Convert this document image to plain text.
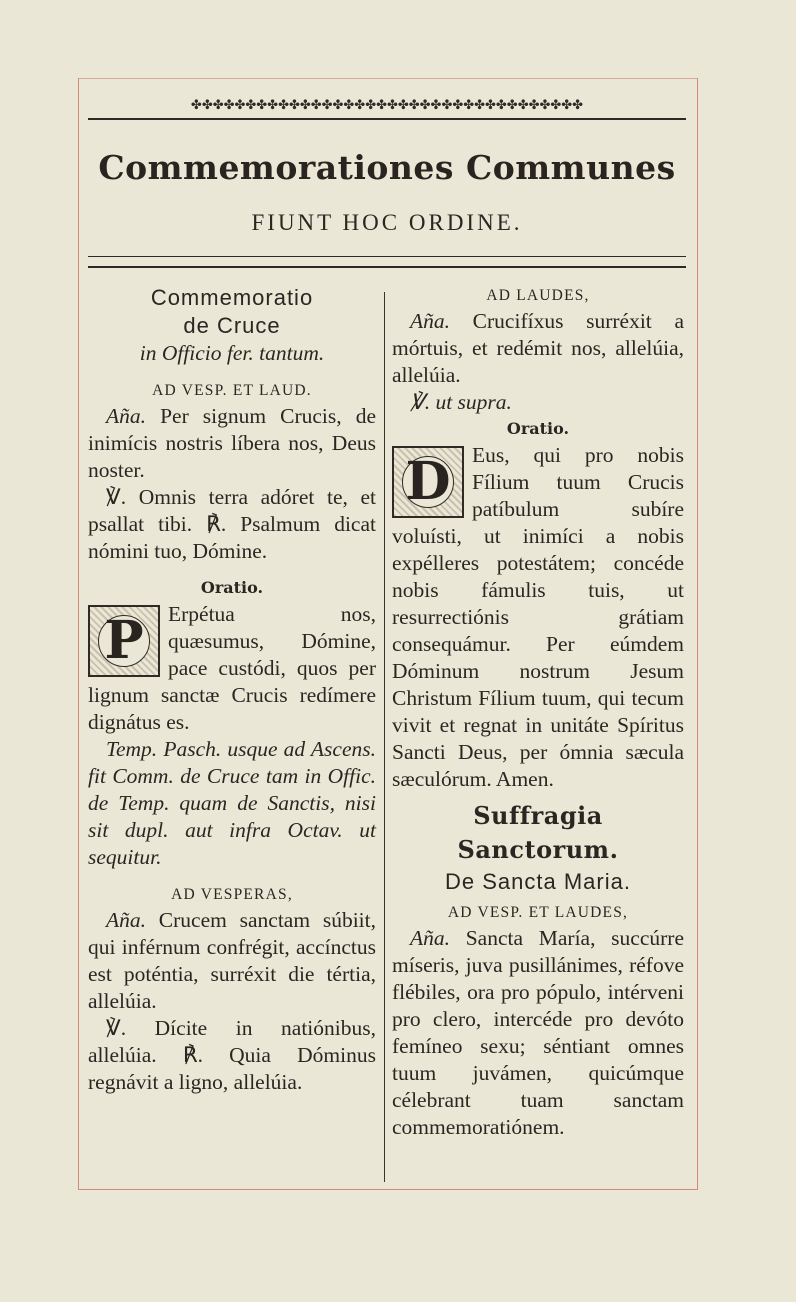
✤✤✤✤✤✤✤✤✤✤✤✤✤✤✤✤✤✤✤✤✤✤✤✤✤✤✤✤✤✤✤✤✤✤✤✤
Commemorationes Communes
FIUNT HOC ORDINE.
Commemoratio
de Cruce
in Officio fer. tantum.
AD VESP. ET LAUD.
Aña. Per signum Crucis, de inimícis nostris líbera nos, Deus noster.
℣. Omnis terra adóret te, et psallat tibi. ℟. Psalmum dicat nómini tuo, Dómine.
Oratio.
P	Erpétua nos, quæsumus, Dómine, pace custódi, quos per lignum sanctæ Crucis redímere dignátus es.
Temp. Pasch. usque ad Ascens. fit Comm. de Cruce tam in Offic. de Temp. quam de Sanctis, nisi sit dupl. aut infra Octav. ut sequitur.
AD VESPERAS,
Aña. Crucem sanctam súbiit, qui inférnum confrégit, accínctus est poténtia, surréxit die tértia, allelúia.
℣. Dícite in natiónibus, allelúia. ℟. Quia Dóminus regnávit a ligno, allelúia.
AD LAUDES,
Aña. Crucifíxus surréxit a mórtuis, et redémit nos, allelúia, allelúia.
℣. ut supra.
Oratio.
D Eus, qui pro nobis Fílium tuum Crucis patíbulum subíre voluísti, ut inimíci a nobis expélleres potestátem; concéde nobis fámulis tuis, ut resurrectiónis grátiam consequámur. Per eúmdem Dóminum nostrum Jesum Christum Fílium tuum, qui tecum vivit et regnat in unitáte Spíritus Sancti Deus, per ómnia sæcula sæculórum. Amen.
Suffragia Sanctorum.
De Sancta Maria.
AD VESP. ET LAUDES,
Aña. Sancta María, succúrre míseris, juva pusillánimes, réfove flébiles, ora pro pópulo, intérveni pro clero, intercéde pro devóto femíneo sexu; séntiant omnes tuum juvámen, quicúmque célebrant tuam sanctam commemoratiónem.
